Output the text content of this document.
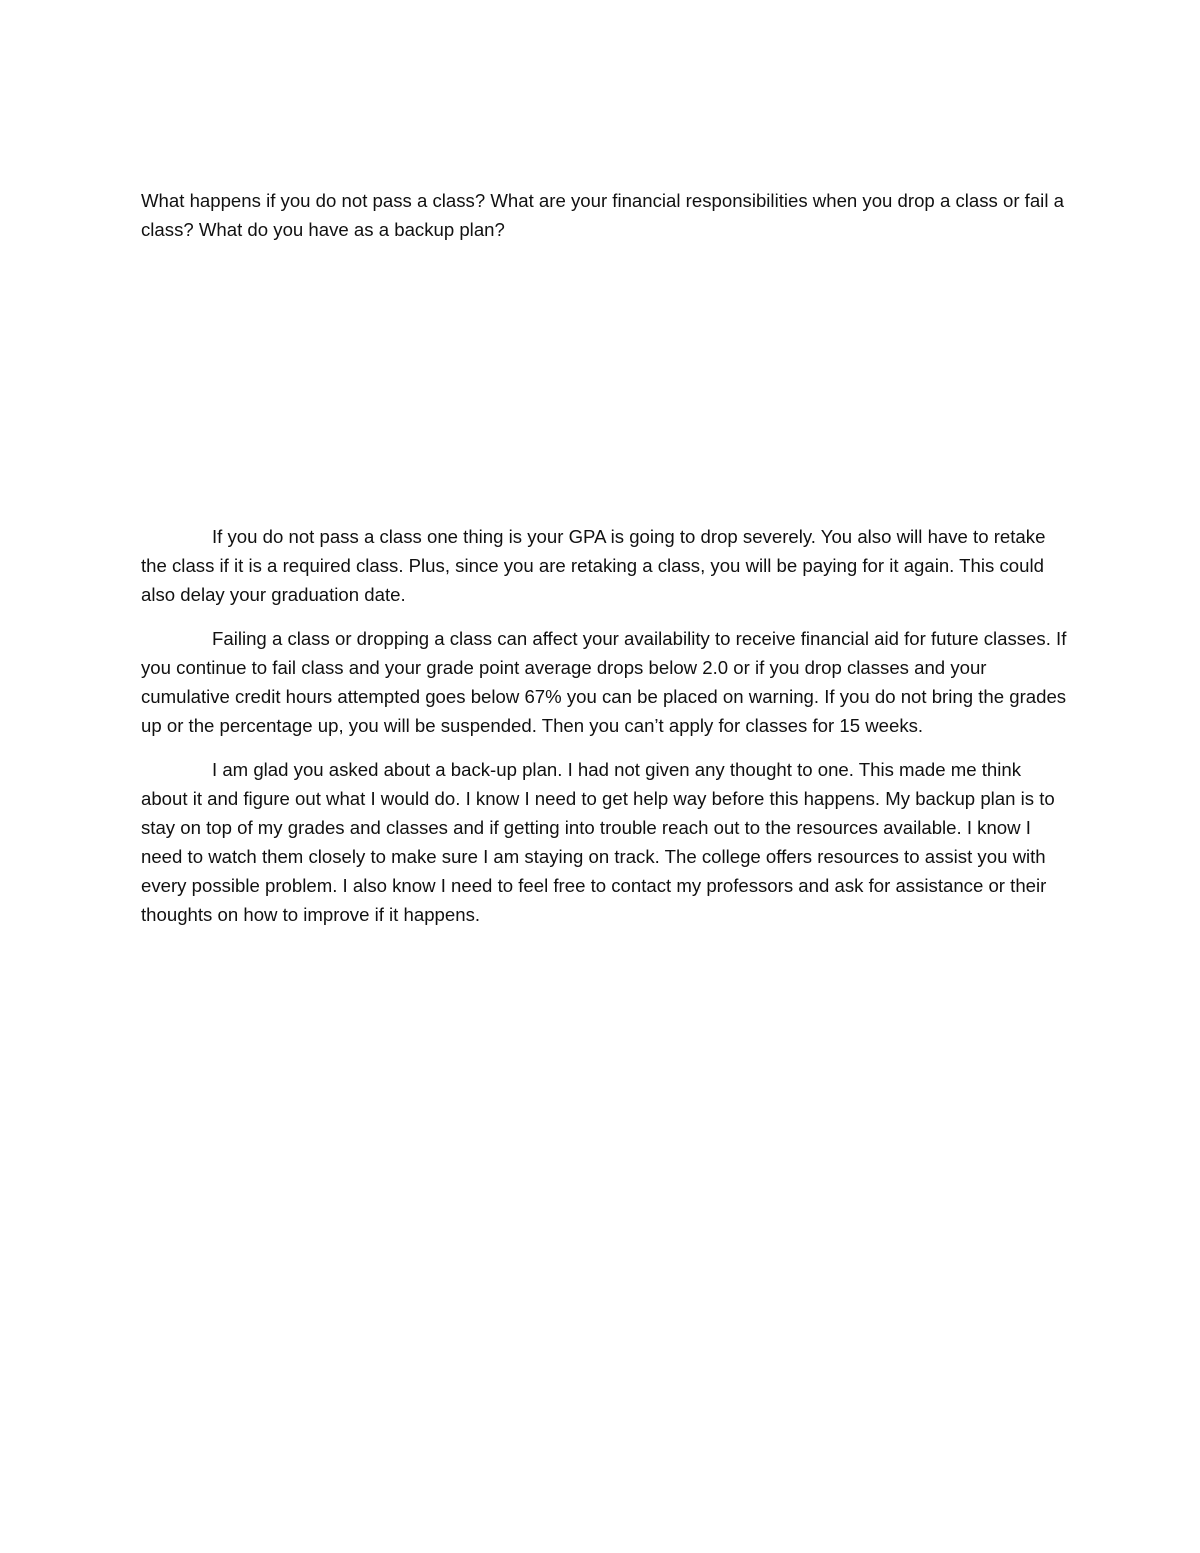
What happens if you do not pass a class? What are your financial responsibilities when you drop a class or fail a class? What do you have as a backup plan?

If you do not pass a class one thing is your GPA is going to drop severely. You also will have to retake the class if it is a required class. Plus, since you are retaking a class, you will be paying for it again. This could also delay your graduation date.

Failing a class or dropping a class can affect your availability to receive financial aid for future classes. If you continue to fail class and your grade point average drops below 2.0 or if you drop classes and your cumulative credit hours attempted goes below 67% you can be placed on warning. If you do not bring the grades up or the percentage up, you will be suspended. Then you can’t apply for classes for 15 weeks.

I am glad you asked about a back-up plan. I had not given any thought to one. This made me think about it and figure out what I would do. I know I need to get help way before this happens. My backup plan is to stay on top of my grades and classes and if getting into trouble reach out to the resources available. I know I need to watch them closely to make sure I am staying on track. The college offers resources to assist you with every possible problem. I also know I need to feel free to contact my professors and ask for assistance or their thoughts on how to improve if it happens.
